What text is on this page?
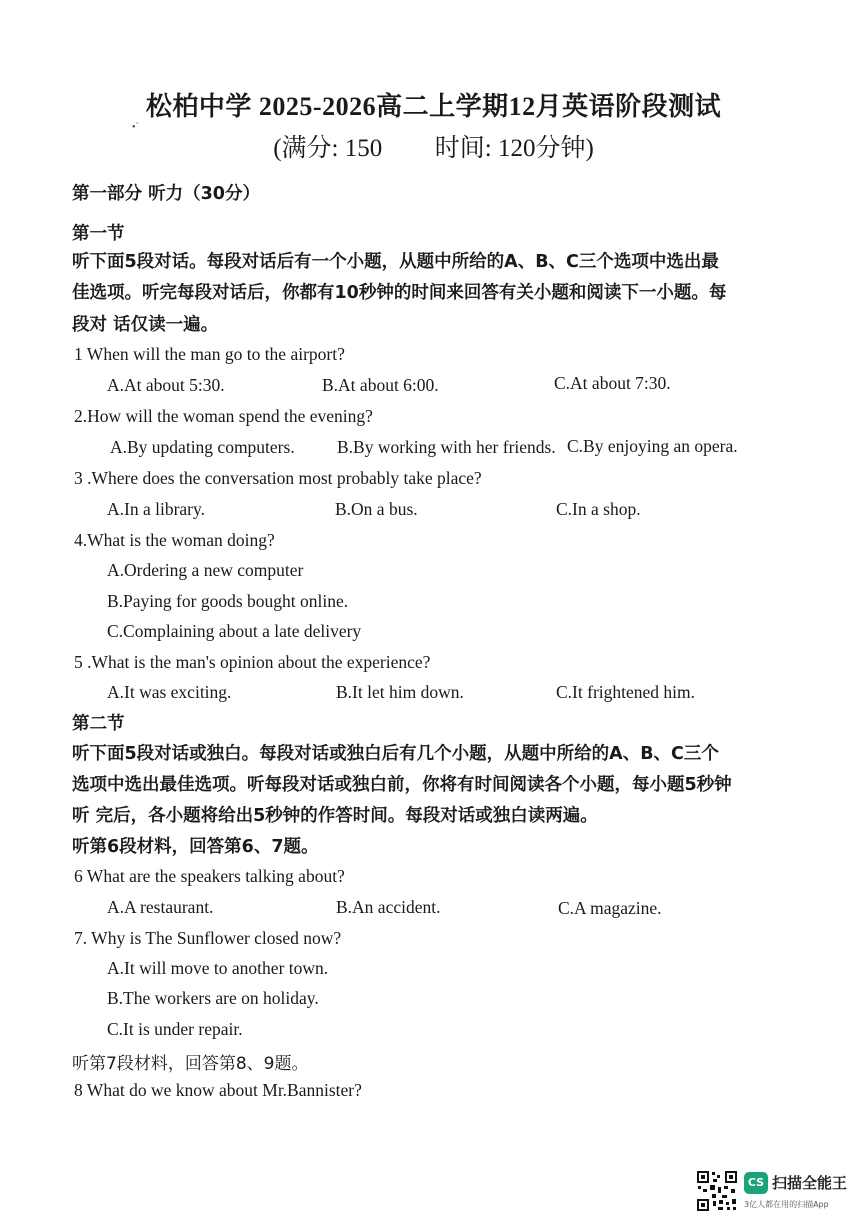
•`
松柏中学 2025-2026高二上学期12月英语阶段测试
(满分: 150 时间: 120分钟)
第一部分 听力（30分）
第一节
听下面5段对话。每段对话后有一个小题，从题中所给的A、B、C三个选项中选出最
佳选项。听完每段对话后，你都有10秒钟的时间来回答有关小题和阅读下一小题。每
段对 话仅读一遍。
1 When will the man go to the airport?
A.At about 5:30.	B.At about 6:00.	C.At about 7:30.
2.How will the woman spend the evening?
A.By updating computers. B.By working with her friends. C.By enjoying an opera.
3 .Where does the conversation most probably take place?
A.In a library.	B.On a bus.	C.In a shop.
4.What is the woman doing?
A.Ordering a new computer
B.Paying for goods bought online.
C.Complaining about a late delivery
5 .What is the man's opinion about the experience?
A.It was exciting.	B.It let him down.	C.It frightened him.
第二节
听下面5段对话或独白。每段对话或独白后有几个小题，从题中所给的A、B、C三个
选项中选出最佳选项。听每段对话或独白前，你将有时间阅读各个小题，每小题5秒钟
听 完后，各小题将给出5秒钟的作答时间。每段对话或独白读两遍。
听第6段材料，回答第6、7题。
6 What are the speakers talking about?
A.A restaurant.	B.An accident.	C.A magazine.
7. Why is The Sunflower closed now?
A.It will move to another town.
B.The workers are on holiday.
C.It is under repair.
听第7段材料，回答第8、9题。
8 What do we know about Mr.Bannister?
CS 扫描全能王
3亿人都在用的扫描App
